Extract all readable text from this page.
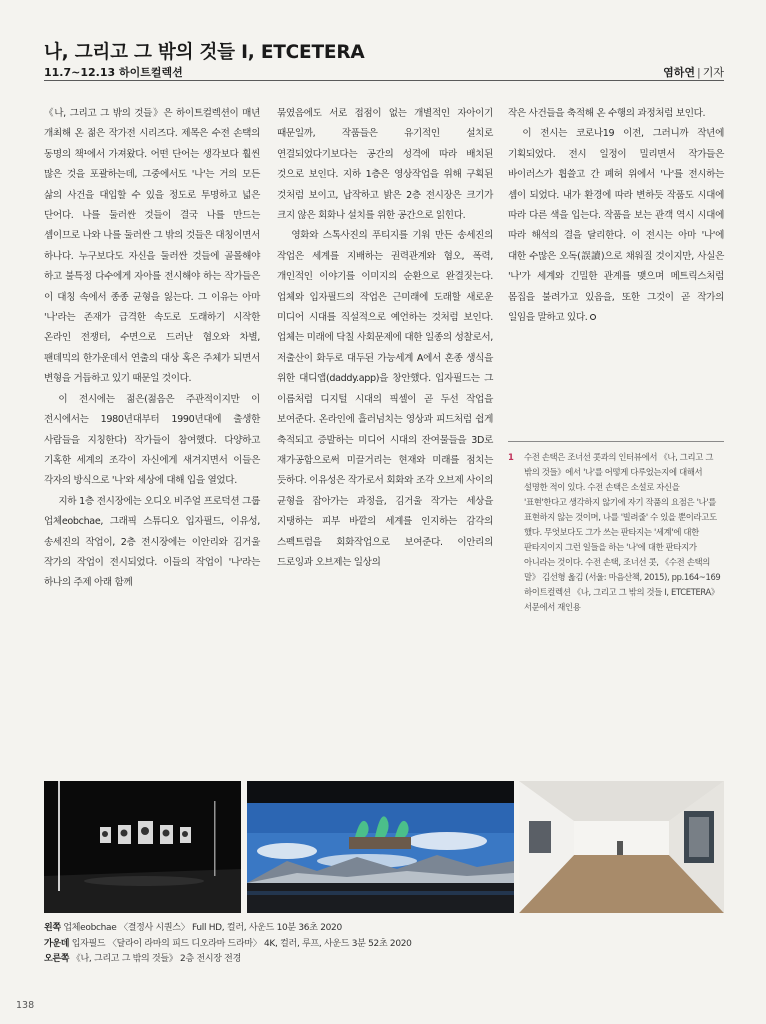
나, 그리고 그 밖의 것들 I, ETCETERA
11.7~12.13 하이트컬렉션	염하연 | 기자

《나, 그리고 그 밖의 것들》은 하이트컬렉션이 매년 개최해 온 젊은 작가전 시리즈다. 제목은 수전 손택의 동명의 책¹에서 가져왔다. 어떤 단어는 생각보다 훨씬 많은 것을 포괄하는데, 그중에서도 '나'는 거의 모든 삶의 사건을 대입할 수 있을 정도로 투명하고 넓은 단어다. 나를 둘러싼 것들이 결국 나를 만드는 셈이므로 나와 나를 둘러싼 그 밖의 것들은 대칭이면서 하나다. 누구보다도 자신을 둘러싼 것들에 골몰해야 하고 불특정 다수에게 자아를 전시해야 하는 작가들은 이 대칭 속에서 종종 균형을 잃는다. 그 이유는 아마 '나'라는 존재가 급격한 속도로 도래하기 시작한 온라인 전쟁터, 수면으로 드러난 혐오와 차별, 팬데믹의 한가운데서 연출의 대상 혹은 주체가 되면서 변형을 거듭하고 있기 때문일 것이다.

이 전시에는 젊은(젊음은 주관적이지만 이 전시에서는 1980년대부터 1990년대에 출생한 사람들을 지칭한다) 작가들이 참여했다. 다양하고 기혹한 세계의 조각이 자신에게 새겨지면서 이들은 각자의 방식으로 '나'와 세상에 대해 입을 열었다.

지하 1층 전시장에는 오디오 비주얼 프로덕션 그룹 업체eobchae, 그래픽 스튜디오 입자필드, 이유성, 송세진의 작업이, 2층 전시장에는 이안리와 김거울 작가의 작업이 전시되었다. 이들의 작업이 '나'라는 하나의 주제 아래 함께

묶였음에도 서로 접점이 없는 개별적인 자아이기 때문일까, 작품들은 유기적인 설치로 연결되었다기보다는 공간의 성격에 따라 배치된 것으로 보인다. 지하 1층은 영상작업을 위해 구획된 것처럼 보이고, 납작하고 밝은 2층 전시장은 크기가 크지 않은 회화나 설치를 위한 공간으로 읽힌다.

영화와 스톡사진의 푸티지를 기워 만든 송세진의 작업은 세계를 지배하는 권력관계와 혐오, 폭력, 개인적인 이야기를 이미지의 순환으로 완결짓는다. 업체와 입자필드의 작업은 근미래에 도래할 새로운 미디어 시대를 직설적으로 예언하는 것처럼 보인다. 업체는 미래에 닥칠 사회문제에 대한 일종의 성찰로서, 저출산이 화두로 대두된 가능세계 A에서 혼종 생식을 위한 대디앱(daddy.app)을 창안했다. 입자필드는 그 이름처럼 디지털 시대의 픽셀이 곧 두선 작업을 보여준다. 온라인에 흘러넘치는 영상과 피드처럼 쉽게 축적되고 증발하는 미디어 시대의 잔여물들을 3D로 재가공함으로써 미끌거리는 현재와 미래를 점치는 듯하다. 이유성은 작가로서 회화와 조각 오브제 사이의 균형을 잡아가는 과정을, 김거울 작가는 세상을 지탱하는 피부 바깥의 세계를 인지하는 감각의 스펙트럼을 회화작업으로 보여준다. 이안리의 드로잉과 오브제는 일상의

작은 사건들을 축적해 온 수행의 과정처럼 보인다.

이 전시는 코로나19 이전, 그러니까 작년에 기획되었다. 전시 일정이 밀리면서 작가들은 바이러스가 휩쓸고 간 폐허 위에서 '나'를 전시하는 셈이 되었다. 내가 환경에 따라 변하듯 작품도 시대에 따라 다른 색을 입는다. 작품을 보는 관객 역시 시대에 따라 해석의 결을 달리한다. 이 전시는 아마 '나'에 대한 수많은 오독(誤讀)으로 채워질 것이지만, 사실은 '나'가 세계와 긴밀한 관계를 맺으며 메트릭스처럼 몸집을 불려가고 있음을, 또한 그것이 곧 작가의 일임을 말하고 있다.

1	수전 손택은 조너선 콧과의 인터뷰에서 《나, 그리고 그 밖의 것들》에서 '나'를 어떻게 다루었는지에 대해서 설명한 적이 있다. 수전 손택은 소설로 자신을 '표현'한다고 생각하지 않기에 자기 작품의 요점은 '나'를 표현하지 않는 것이며, 나를 '빌려줄' 수 있을 뿐이라고도 했다. 무엇보다도 그가 쓰는 판타지는 '세계'에 대한 판타지이지 그런 일들을 하는 '나'에 대한 판타지가 아니라는 것이다. 수전 손택, 조너선 콧, 《수전 손택의 말》 김선형 옮김 (서울: 마음산책, 2015), pp.164~169 하이트컬렉션 《나, 그리고 그 밖의 것들 I, ETCETERA》 서문에서 재인용
왼쪽 업체eobchae 〈결정사 시퀀스〉 Full HD, 컬러, 사운드 10분 36초 2020
가운데 입자필드 〈달라이 라마의 피드 디오라마 드라마〉 4K, 컬러, 루프, 사운드 3분 52초 2020
오른쪽 《나, 그리고 그 밖의 것들》 2층 전시장 전경
138
